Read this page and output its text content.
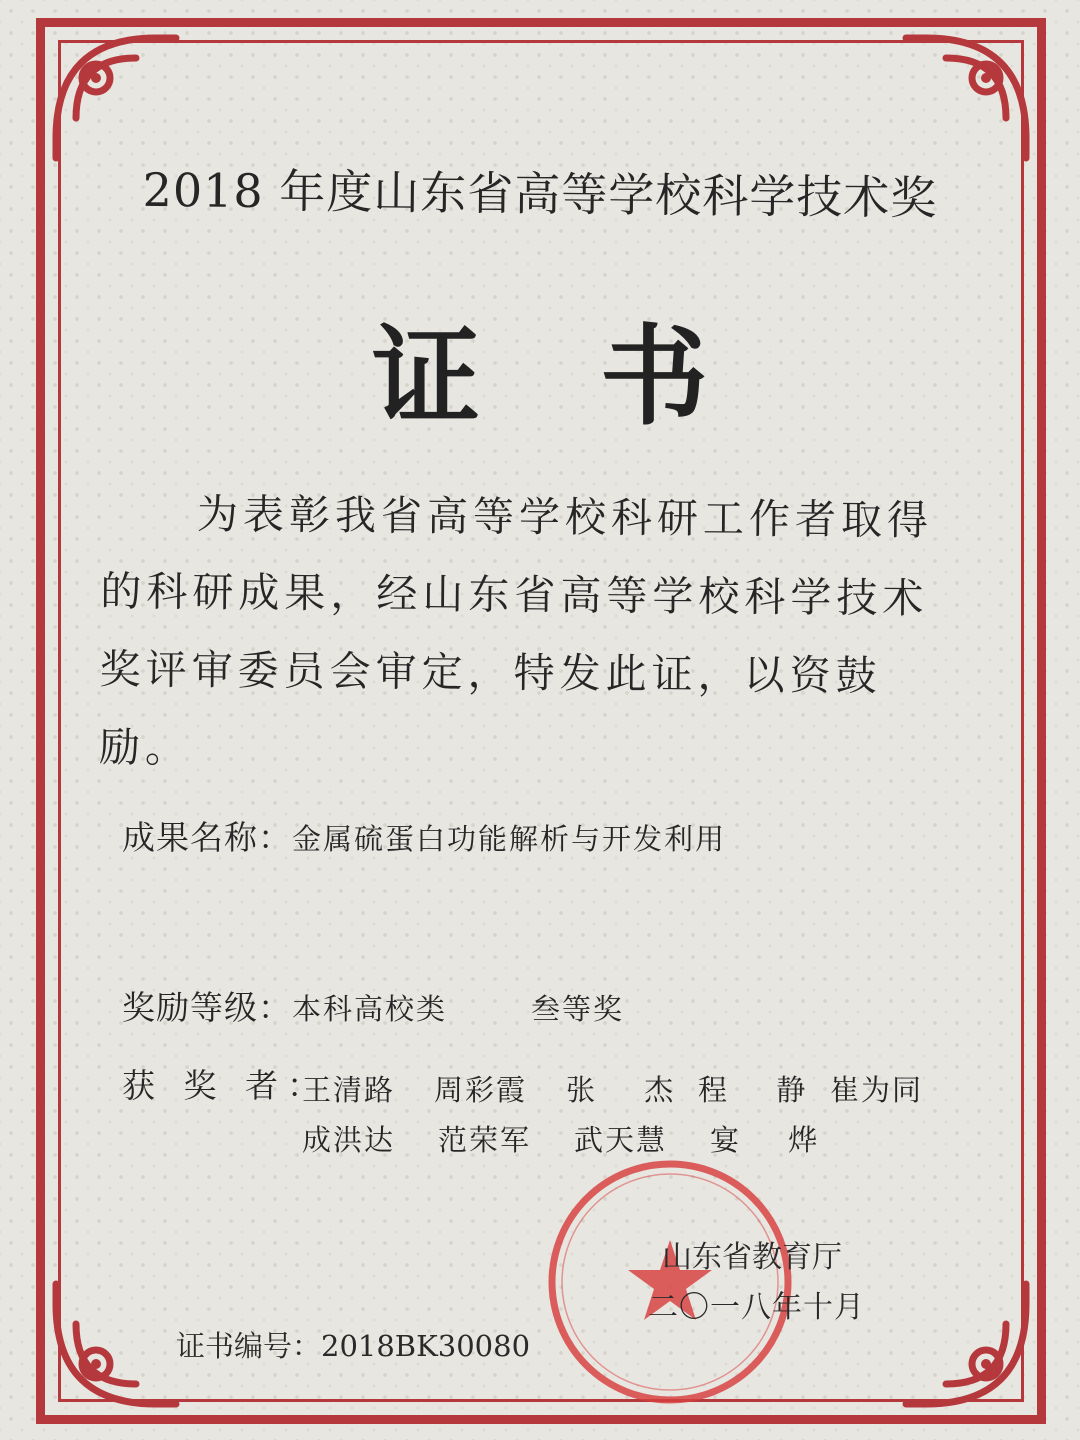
2018 年度山东省高等学校科学技术奖
证书
为表彰我省高等学校科研工作者取得的科研成果，经山东省高等学校科学技术奖评审委员会审定，特发此证，以资鼓励。
成果名称：金属硫蛋白功能解析与开发利用
奖励等级：本科高校类	叁等奖
获 奖 者：
王清路	周彩霞	张 杰 程 静 崔为同
成洪达	范荣军	武天慧	宴 烨
山东省教育厅
二〇一八年十月
证书编号：2018BK30080
